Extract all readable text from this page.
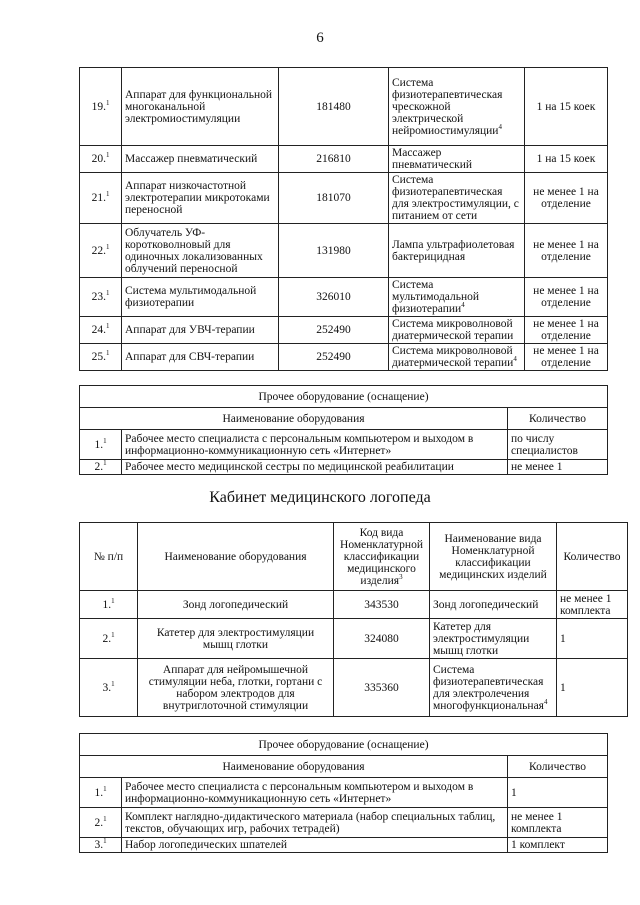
6
19.$^1$	Аппарат для функциональной многоканальной электромиостимуляции	181480	Система физиотерапевтическая чрескожной электрической нейромиостимуляции$^4$	1 на 15 коек
20.$^1$	Массажер пневматический	216810	Массажер пневматический	1 на 15 коек
21.$^1$	Аппарат низкочастотной электротерапии микротоками переносной	181070	Система физиотерапевтическая для электростимуляции, с питанием от сети	не менее 1 на отделение
22.$^1$	Облучатель УФ-коротковолновый для одиночных локализованных облучений переносной	131980	Лампа ультрафиолетовая бактерицидная	не менее 1 на отделение
23.$^1$	Система мультимодальной физиотерапии	326010	Система мультимодальной физиотерапии$^4$	не менее 1 на отделение
24.$^1$	Аппарат для УВЧ-терапии	252490	Система микроволновой диатермической терапии	не менее 1 на отделение
25.$^1$	Аппарат для СВЧ-терапии	252490	Система микроволновой диатермической терапии$^4$	не менее 1 на отделение
Прочее оборудование (оснащение)		
Наименование оборудования		Количество
1.$^1$	Рабочее место специалиста с персональным компьютером и выходом в информационно-коммуникационную сеть «Интернет»	по числу специалистов
2.$^1$	Рабочее место медицинской сестры по медицинской реабилитации	не менее 1
Кабинет медицинского логопеда
№ п/п	Наименование оборудования	Код вида Номенклатурной классификации медицинского изделия$^3$	Наименование вида Номенклатурной классификации медицинских изделий	Количество
1.$^1$	Зонд логопедический	343530	Зонд логопедический	не менее 1 комплекта
2.$^1$	Катетер для электростимуляции мышц глотки	324080	Катетер для электростимуляции мышц глотки	1
3.$^1$	Аппарат для нейромышечной стимуляции неба, глотки, гортани с набором электродов для внутриглоточной стимуляции	335360	Система физиотерапевтическая для электролечения многофункциональная$^4$	1
Прочее оборудование (оснащение)		
Наименование оборудования		Количество
1.$^1$	Рабочее место специалиста с персональным компьютером и выходом в информационно-коммуникационную сеть «Интернет»	1
2.$^1$	Комплект наглядно-дидактического материала (набор специальных таблиц, текстов, обучающих игр, рабочих тетрадей)	не менее 1 комплекта
3.$^1$	Набор логопедических шпателей	1 комплект
